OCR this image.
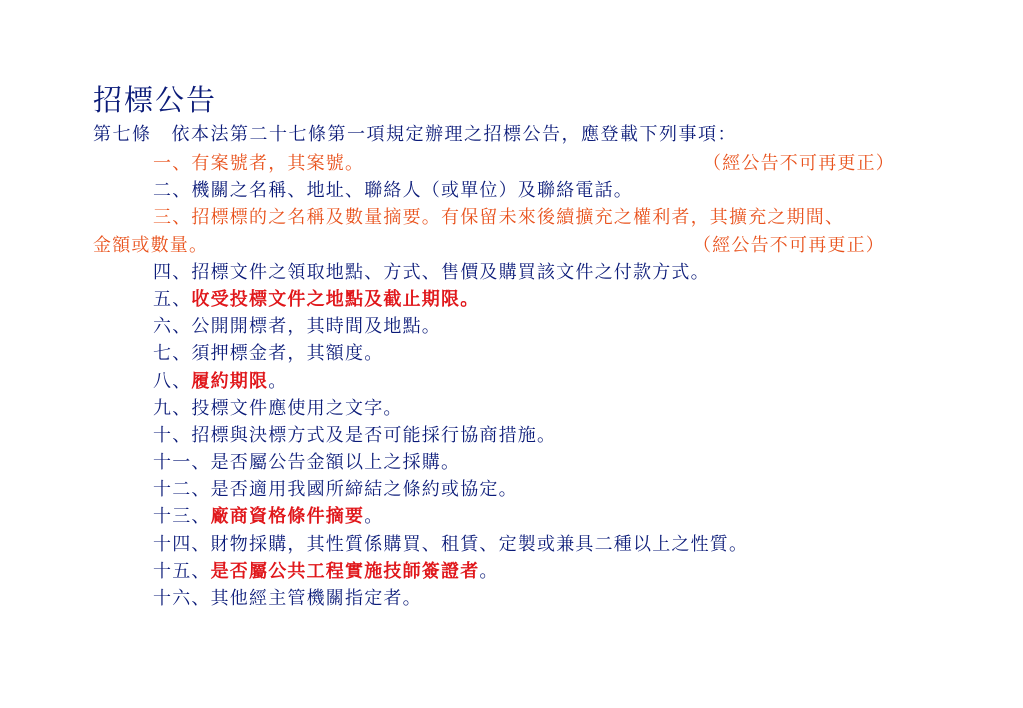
招標公告
第七條 依本法第二十七條第一項規定辦理之招標公告，應登載下列事項：
一、有案號者，其案號。	（經公告不可再更正）
二、機關之名稱、地址、聯絡人（或單位）及聯絡電話。
三、招標標的之名稱及數量摘要。有保留未來後續擴充之權利者，其擴充之期間、
金額或數量。	（經公告不可再更正）
四、招標文件之領取地點、方式、售價及購買該文件之付款方式。
五、收受投標文件之地點及截止期限。
六、公開開標者，其時間及地點。
七、須押標金者，其額度。
八、履約期限。
九、投標文件應使用之文字。
十、招標與決標方式及是否可能採行協商措施。
十一、是否屬公告金額以上之採購。
十二、是否適用我國所締結之條約或協定。
十三、廠商資格條件摘要。
十四、財物採購，其性質係購買、租賃、定製或兼具二種以上之性質。
十五、是否屬公共工程實施技師簽證者。
十六、其他經主管機關指定者。
